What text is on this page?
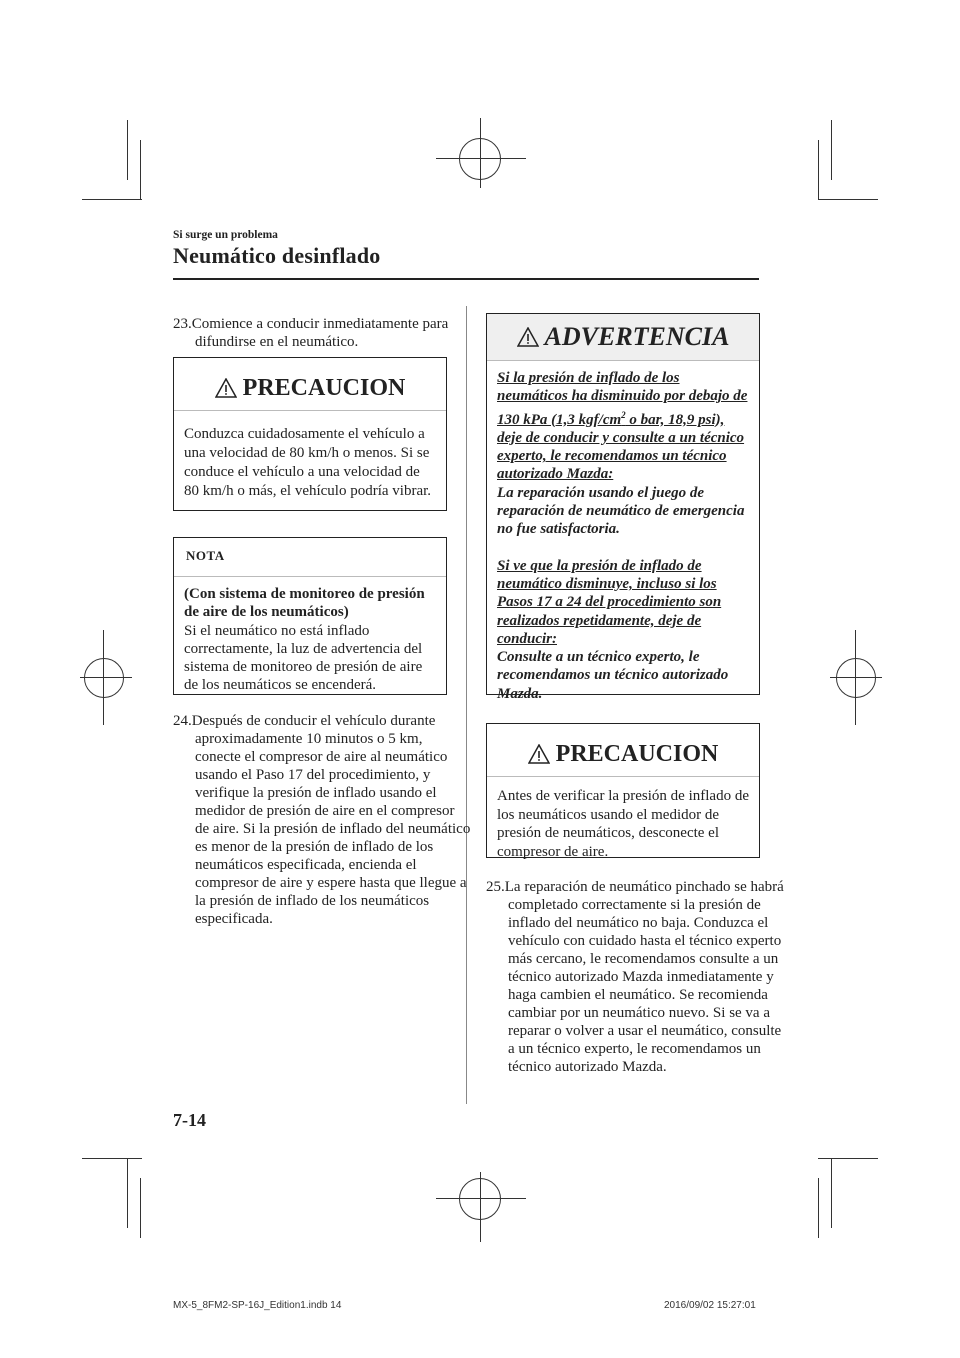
Si surge un problema
Neumático desinflado

23.Comience a conducir inmediatamente para difundirse en el neumático.

PRECAUCION
Conduzca cuidadosamente el vehículo a una velocidad de 80 km/h o menos. Si se conduce el vehículo a una velocidad de 80 km/h o más, el vehículo podría vibrar.
NOTA
(Con sistema de monitoreo de presión de aire de los neumáticos)
Si el neumático no está inflado correctamente, la luz de advertencia del sistema de monitoreo de presión de aire de los neumáticos se encenderá.

24.Después de conducir el vehículo durante aproximadamente 10 minutos o 5 km, conecte el compresor de aire al neumático usando el Paso 17 del procedimiento, y verifique la presión de inflado usando el medidor de presión de aire en el compresor de aire. Si la presión de inflado del neumático es menor de la presión de inflado de los neumáticos especificada, encienda el compresor de aire y espere hasta que llegue a la presión de inflado de los neumáticos especificada.

ADVERTENCIA
Si la presión de inflado de los neumáticos ha disminuido por debajo de 130 kPa (1,3 kgf/$cm^2$ o bar, 18,9 psi), deje de conducir y consulte a un técnico experto, le recomendamos un técnico autorizado Mazda:
La reparación usando el juego de reparación de neumático de emergencia no fue satisfactoria.
Si ve que la presión de inflado de neumático disminuye, incluso si los Pasos 17 a 24 del procedimiento son realizados repetidamente, deje de conducir:
Consulte a un técnico experto, le recomendamos un técnico autorizado Mazda.
PRECAUCION
Antes de verificar la presión de inflado de los neumáticos usando el medidor de presión de neumáticos, desconecte el compresor de aire.

25.La reparación de neumático pinchado se habrá completado correctamente si la presión de inflado del neumático no baja. Conduzca el vehículo con cuidado hasta el técnico experto más cercano, le recomendamos consulte a un técnico autorizado Mazda inmediatamente y haga cambien el neumático. Se recomienda cambiar por un neumático nuevo. Si se va a reparar o volver a usar el neumático, consulte a un técnico experto, le recomendamos un técnico autorizado Mazda.

7-14
MX-5_8FM2-SP-16J_Edition1.indb 14	2016/09/02 15:27:01
